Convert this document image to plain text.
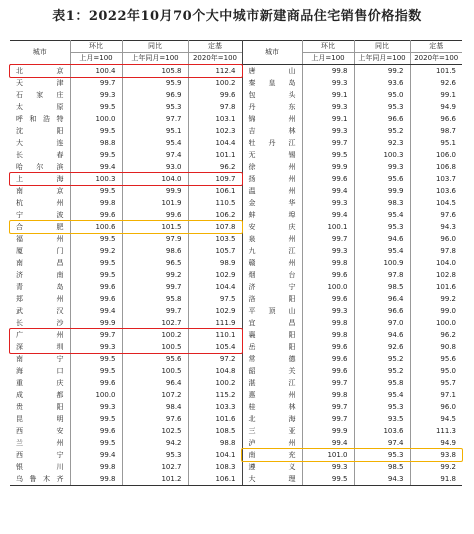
表1：2022年10月70个大中城市新建商品住宅销售价格指数
城市	环比	同比	定基	城市	环比	同比	定基
	上月=100	上年同月=100	2020年=100		上月=100	上年同月=100	2020年=100
北　京	100.4	105.8	112.4	唐　山	99.8	99.2	101.5
天　津	99.7	95.9	100.2	秦皇岛	99.3	93.6	92.6
石家庄	99.3	96.9	99.6	包　头	99.1	95.0	99.1
太　原	99.5	95.3	97.8	丹　东	99.3	95.3	94.9
呼和浩特	100.0	97.7	103.1	锦　州	99.1	96.6	96.6
沈　阳	99.5	95.1	102.3	吉　林	99.3	95.2	98.7
大　连	98.8	95.4	104.4	牡丹江	99.7	92.3	95.1
长　春	99.5	97.4	101.1	无　锡	99.5	100.3	106.0
哈尔滨	99.4	93.0	96.2	徐　州	99.9	99.3	106.8
上　海	100.3	104.0	109.7	扬　州	99.6	95.6	103.7
南　京	99.5	99.9	106.1	温　州	99.4	99.9	103.6
杭　州	99.8	101.9	110.5	金　华	99.3	98.3	104.5
宁　波	99.6	99.6	106.2	蚌　埠	99.4	95.4	97.6
合　肥	100.6	101.5	107.8	安　庆	100.1	95.3	94.3
福　州	99.5	97.9	103.5	泉　州	99.7	94.6	96.0
厦　门	99.2	98.6	105.7	九　江	99.3	95.4	97.8
南　昌	99.5	96.5	98.9	赣　州	99.8	100.9	104.0
济　南	99.5	99.2	102.9	烟　台	99.6	97.8	102.8
青　岛	99.6	99.7	104.4	济　宁	100.0	98.5	101.6
郑　州	99.6	95.8	97.5	洛　阳	99.6	96.4	99.2
武　汉	99.4	99.7	102.9	平顶山	99.3	96.6	99.0
长　沙	99.9	102.7	111.9	宜　昌	99.8	97.0	100.0
广　州	99.7	100.2	110.1	襄　阳	99.8	94.6	96.2
深　圳	99.3	100.5	105.4	岳　阳	99.6	92.6	90.8
南　宁	99.5	95.6	97.2	常　德	99.6	95.2	95.6
海　口	99.5	100.5	104.8	韶　关	99.6	95.2	95.0
重　庆	99.6	96.4	100.2	湛　江	99.7	95.8	95.7
成　都	100.0	107.2	115.2	惠　州	99.8	95.4	97.1
贵　阳	99.3	98.4	103.3	桂　林	99.7	95.3	96.0
昆　明	99.5	97.6	101.6	北　海	99.7	93.5	94.5
西　安	99.6	102.5	108.5	三　亚	99.9	103.6	111.3
兰　州	99.5	94.2	98.8	泸　州	99.4	97.4	94.9
西　宁	99.4	95.3	104.1	南　充	101.0	95.3	93.8
银　川	99.8	102.7	108.3	遵　义	99.3	98.5	99.2
乌鲁木齐	99.8	101.2	106.1	大　理	99.5	94.3	91.8
